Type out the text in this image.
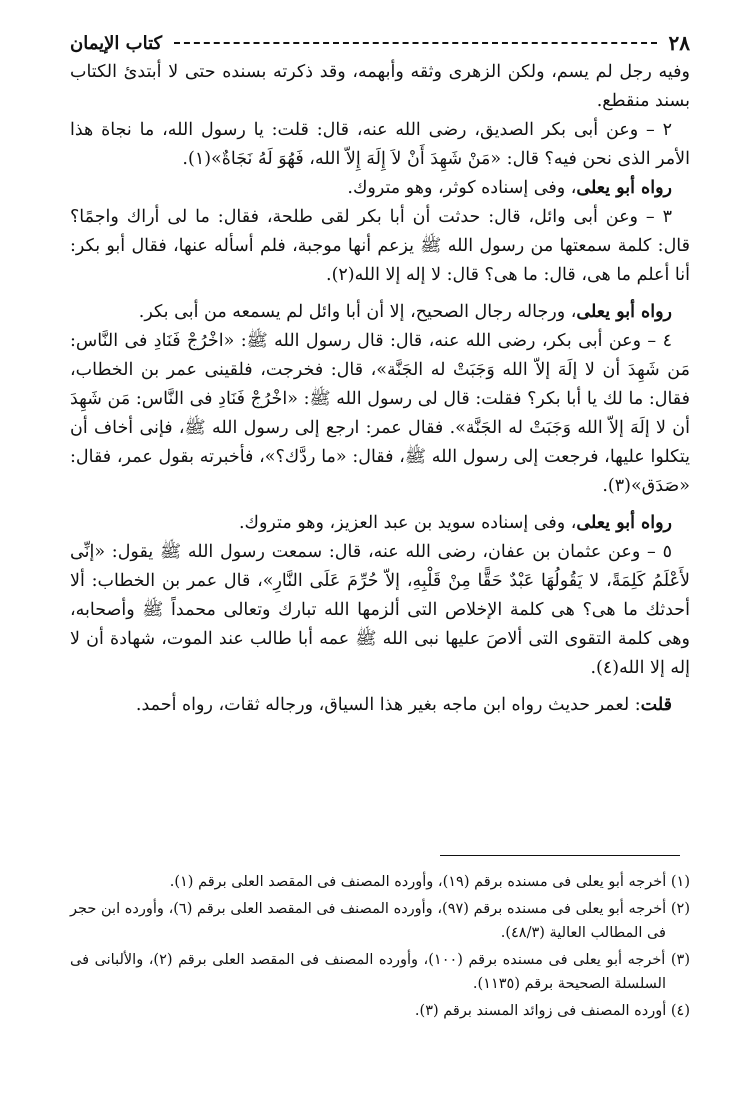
٢٨
كتاب الإيمان

وفيه رجل لم يسم، ولكن الزهرى وثقه وأبهمه، وقد ذكرته بسنده حتى لا أبتدئ الكتاب بسند منقطع.

٢ – وعن أبى بكر الصديق، رضى الله عنه، قال: قلت: يا رسول الله، ما نجاة هذا الأمر الذى نحن فيه؟ قال: «مَنْ شَهِدَ أَنْ لاَ إِلَهَ إِلاّ الله، فَهُوَ لَهُ نَجَاةٌ»(١).

رواه أبو يعلى، وفى إسناده كوثر، وهو متروك.

٣ – وعن أبى وائل، قال: حدثت أن أبا بكر لقى طلحة، فقال: ما لى أراك واجمًا؟ قال: كلمة سمعتها من رسول الله ﷺ يزعم أنها موجبة، فلم أسأله عنها، فقال أبو بكر: أنا أعلم ما هى، قال: ما هى؟ قال: لا إله إلا الله(٢).

رواه أبو يعلى، ورجاله رجال الصحيح، إلا أن أبا وائل لم يسمعه من أبى بكر.

٤ – وعن أبى بكر، رضى الله عنه، قال: قال رسول الله ﷺ: «اخْرُجْ فَنَادِ فى النَّاس: مَن شَهِدَ أن لا إلَهَ إلاّ الله وَجَبَتْ له الجَنَّة»، قال: فخرجت، فلقينى عمر بن الخطاب، فقال: ما لك يا أبا بكر؟ فقلت: قال لى رسول الله ﷺ: «اخْرُجْ فَنَادِ فى النَّاس: مَن شَهِدَ أن لا إلَهَ إلاّ الله وَجَبَتْ له الجَنَّة». فقال عمر: ارجع إلى رسول الله ﷺ، فإنى أخاف أن يتكلوا عليها، فرجعت إلى رسول الله ﷺ، فقال: «ما ردَّك؟»، فأخبرته بقول عمر، فقال: «صَدَق»(٣).

رواه أبو يعلى، وفى إسناده سويد بن عبد العزيز، وهو متروك.

٥ – وعن عثمان بن عفان، رضى الله عنه، قال: سمعت رسول الله ﷺ يقول: «إنِّى لأَعْلَمُ كَلِمَةً، لا يَقُولُهَا عَبْدٌ حَقًّا مِنْ قَلْبِهِ، إلاّ حُرِّمَ عَلَى النَّارِ»، قال عمر بن الخطاب: ألا أحدثك ما هى؟ هى كلمة الإخلاص التى ألزمها الله تبارك وتعالى محمداً ﷺ وأصحابه، وهى كلمة التقوى التى ألاصَ عليها نبى الله ﷺ عمه أبا طالب عند الموت، شهادة أن لا إله إلا الله(٤).

قلت: لعمر حديث رواه ابن ماجه بغير هذا السياق، ورجاله ثقات، رواه أحمد.

(١) أخرجه أبو يعلى فى مسنده برقم (١٩)، وأورده المصنف فى المقصد العلى برقم (١).

(٢) أخرجه أبو يعلى فى مسنده برقم (٩٧)، وأورده المصنف فى المقصد العلى برقم (٦)، وأورده ابن حجر فى المطالب العالية (٤٨/٣).

(٣) أخرجه أبو يعلى فى مسنده برقم (١٠٠)، وأورده المصنف فى المقصد العلى برقم (٢)، والألبانى فى السلسلة الصحيحة برقم (١١٣٥).

(٤) أورده المصنف فى زوائد المسند برقم (٣).
